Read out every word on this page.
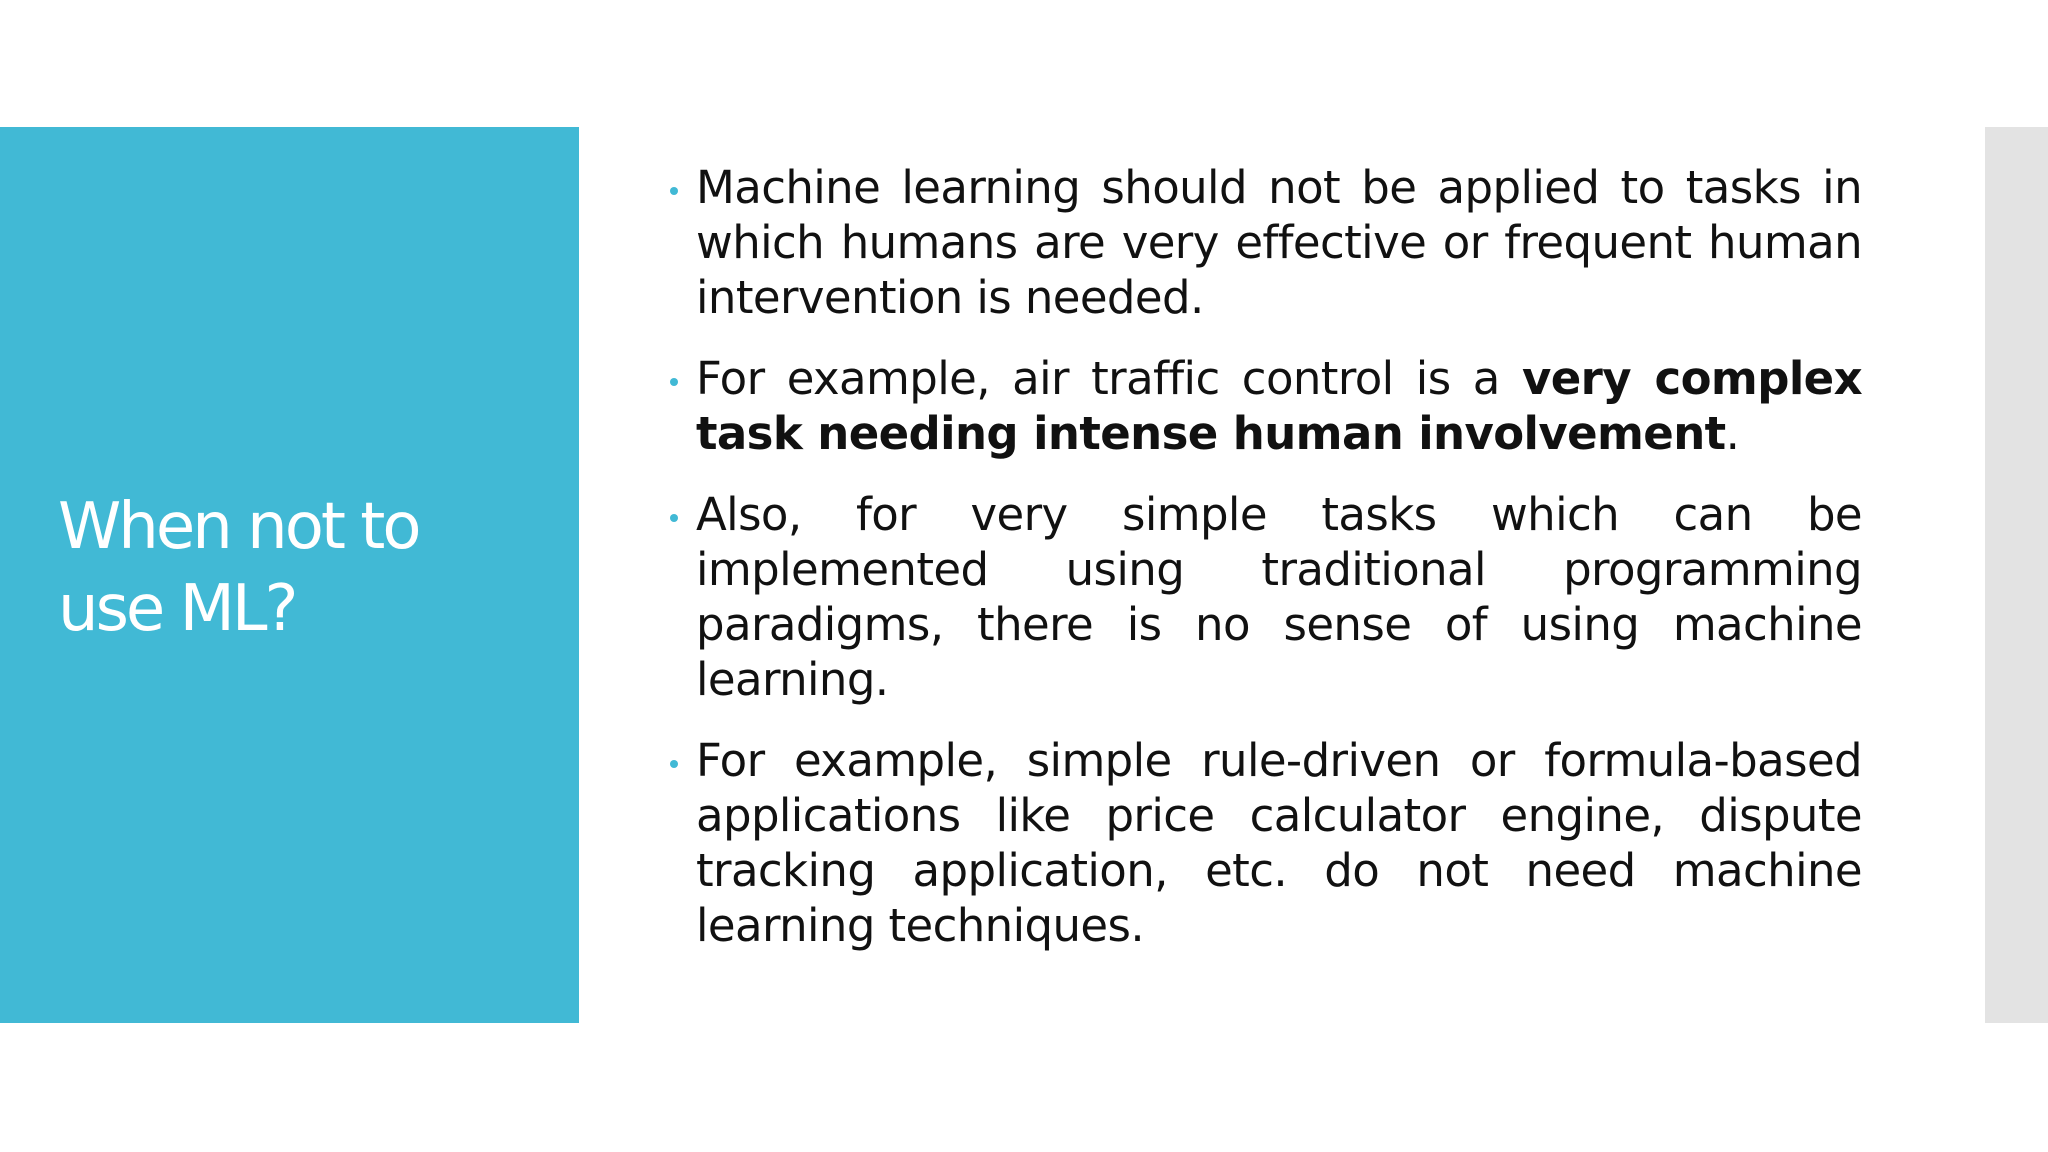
When not to
use ML?
Machine learning should not be applied to tasks in which humans are very effective or frequent human intervention is needed.
For example, air traffic control is a very complex task needing intense human involvement.
Also, for very simple tasks which can be implemented using traditional programming paradigms, there is no sense of using machine learning.
For example, simple rule-driven or formula-based applications like price calculator engine, dispute tracking application, etc. do not need machine learning techniques.
